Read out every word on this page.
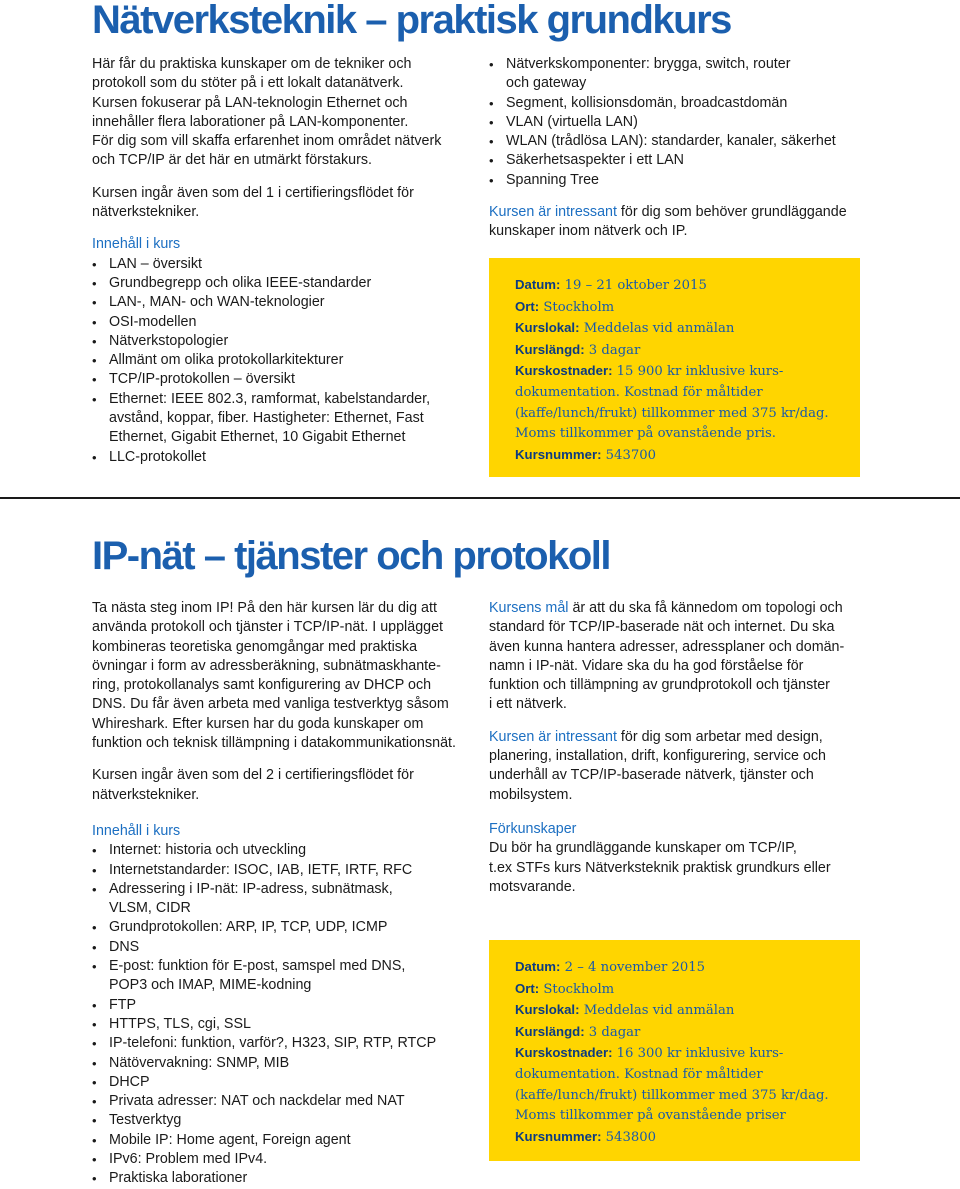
Nätverksteknik – praktisk grundkurs

Här får du praktiska kunskaper om de tekniker och
protokoll som du stöter på i ett lokalt datanätverk.
Kursen fokuserar på LAN-teknologin Ethernet och
innehåller flera laborationer på LAN-komponenter.
För dig som vill skaffa erfarenhet inom området nätverk
och TCP/IP är det här en utmärkt förstakurs.

Kursen ingår även som del 1 i certifieringsflödet för
nätverkstekniker.

Innehåll i kurs
• LAN – översikt
• Grundbegrepp och olika IEEE-standarder
• LAN-, MAN- och WAN-teknologier
• OSI-modellen
• Nätverkstopologier
• Allmänt om olika protokollarkitekturer
• TCP/IP-protokollen – översikt
• Ethernet: IEEE 802.3, ramformat, kabelstandarder,
avstånd, koppar, fiber. Hastigheter: Ethernet, Fast
Ethernet, Gigabit Ethernet, 10 Gigabit Ethernet
• LLC-protokollet
• Nätverkskomponenter: brygga, switch, router
och gateway
• Segment, kollisionsdomän, broadcastdomän
• VLAN (virtuella LAN)
• WLAN (trådlösa LAN): standarder, kanaler, säkerhet
• Säkerhetsaspekter i ett LAN
• Spanning Tree

Kursen är intressant för dig som behöver grundläggande
kunskaper inom nätverk och IP.

Datum: 19 – 21 oktober 2015
Ort: Stockholm
Kurslokal: Meddelas vid anmälan
Kurslängd: 3 dagar
Kurskostnader: 15 900 kr inklusive kurs-
dokumentation. Kostnad för måltider
(kaffe/lunch/frukt) tillkommer med 375 kr/dag.
Moms tillkommer på ovanstående pris.
Kursnummer: 543700
IP-nät – tjänster och protokoll

Ta nästa steg inom IP! På den här kursen lär du dig att
använda protokoll och tjänster i TCP/IP-nät. I upplägget
kombineras teoretiska genomgångar med praktiska
övningar i form av adressberäkning, subnätmaskhante-
ring, protokollanalys samt konfigurering av DHCP och
DNS. Du får även arbeta med vanliga testverktyg såsom
Whireshark. Efter kursen har du goda kunskaper om
funktion och teknisk tillämpning i datakommunikationsnät.

Kursen ingår även som del 2 i certifieringsflödet för
nätverkstekniker.

Innehåll i kurs
• Internet: historia och utveckling
• Internetstandarder: ISOC, IAB, IETF, IRTF, RFC
• Adressering i IP-nät: IP-adress, subnätmask,
VLSM, CIDR
• Grundprotokollen: ARP, IP, TCP, UDP, ICMP
• DNS
• E-post: funktion för E-post, samspel med DNS,
POP3 och IMAP, MIME-kodning
• FTP
• HTTPS, TLS, cgi, SSL
• IP-telefoni: funktion, varför?, H323, SIP, RTP, RTCP
• Nätövervakning: SNMP, MIB
• DHCP
• Privata adresser: NAT och nackdelar med NAT
• Testverktyg
• Mobile IP: Home agent, Foreign agent
• IPv6: Problem med IPv4.
• Praktiska laborationer

Kursens mål är att du ska få kännedom om topologi och
standard för TCP/IP-baserade nät och internet. Du ska
även kunna hantera adresser, adressplaner och domän-
namn i IP-nät. Vidare ska du ha god förståelse för
funktion och tillämpning av grundprotokoll och tjänster
i ett nätverk.

Kursen är intressant för dig som arbetar med design,
planering, installation, drift, konfigurering, service och
underhåll av TCP/IP-baserade nätverk, tjänster och
mobilsystem.

Förkunskaper

Du bör ha grundläggande kunskaper om TCP/IP,
t.ex STFs kurs Nätverksteknik praktisk grundkurs eller
motsvarande.

Datum: 2 – 4 november 2015
Ort: Stockholm
Kurslokal: Meddelas vid anmälan
Kurslängd: 3 dagar
Kurskostnader: 16 300 kr inklusive kurs-
dokumentation. Kostnad för måltider
(kaffe/lunch/frukt) tillkommer med 375 kr/dag.
Moms tillkommer på ovanstående priser
Kursnummer: 543800
